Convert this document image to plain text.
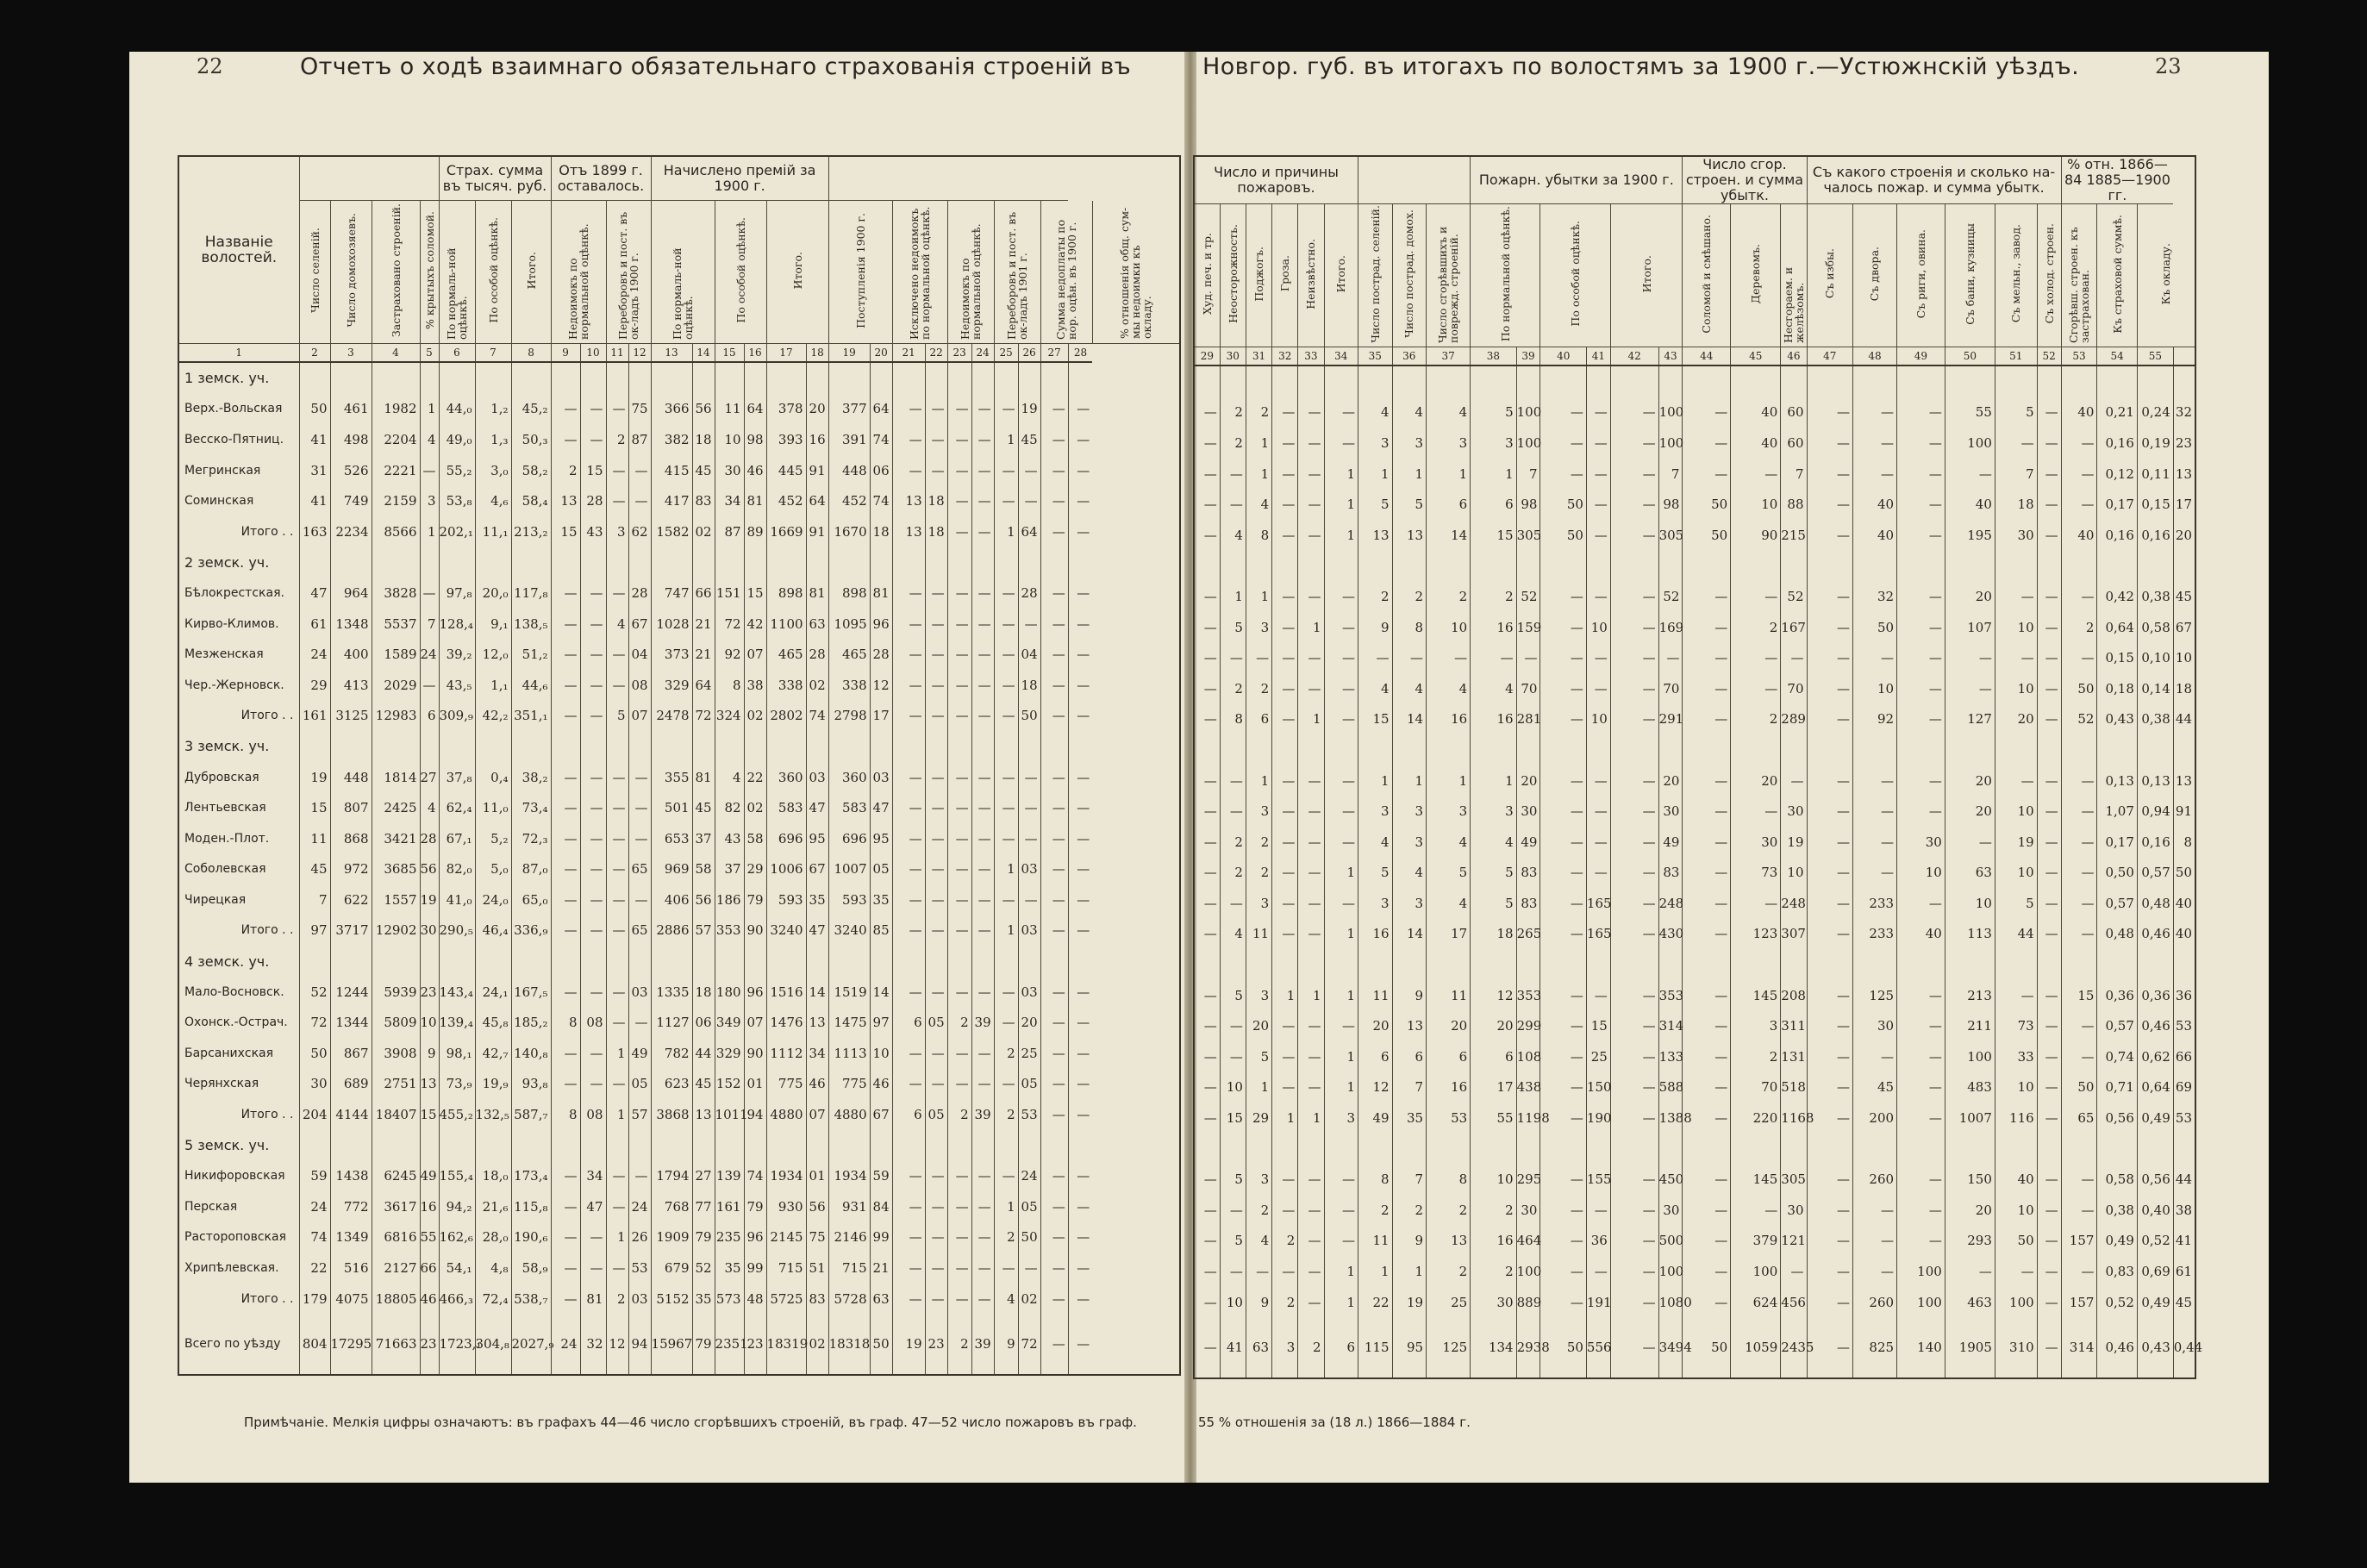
22	Отчетъ о ходѣ взаимнаго обязательнаго страхованія строеній въ	Новгор. губ. въ итогахъ по волостямъ за 1900 г.—Устюжнскій уѣздъ.	23
Названіе волостей.					Страх. сумма въ тысяч. руб.			Отъ 1899 г. оставалось.				Начислено премій за 1900 г.																
	Число селеній.	Число домохозяевъ.	Застраховано строеній.	% крытыхъ соломой.	По нормаль-ной оцѣнкѣ.	По особой оцѣнкѣ.	Итого.	Недоимокъ по нормальной оцѣнкѣ.		Переборовъ и пост. въ ок-ладъ 1900 г.		По нормаль-ной оцѣнкѣ.		По особой оцѣнкѣ.		Итого.		Поступленія 1900 г.		Исключено недоимокъ по нормальной оцѣнкѣ.		Недоимокъ по нормальной оцѣнкѣ.		Переборовъ и пост. въ ок-ладъ 1901 г.		Сумма недоплаты по нор. оцѣн. въ 1900 г.		% отношенія общ. сум-мы недоимки къ окладу.
1	2	3	4	5	6	7	8	9	10	11	12	13	14	15	16	17	18	19	20	21	22	23	24	25	26	27	28	
1 земск. уч.																												
Верх.-Вольская	50	461	1982	1	44,₀	1,₂	45,₂	—	—	—	75	366	56	11	64	378	20	377	64	—	—	—	—	—	19	—	—	
Весско-Пятниц.	41	498	2204	4	49,₀	1,₃	50,₃	—	—	2	87	382	18	10	98	393	16	391	74	—	—	—	—	1	45	—	—	
Мегринская	31	526	2221	—	55,₂	3,₀	58,₂	2	15	—	—	415	45	30	46	445	91	448	06	—	—	—	—	—	—	—	—	
Соминская	41	749	2159	3	53,₈	4,₆	58,₄	13	28	—	—	417	83	34	81	452	64	452	74	13	18	—	—	—	—	—	—	
Итого . .	163	2234	8566	1	202,₁	11,₁	213,₂	15	43	3	62	1582	02	87	89	1669	91	1670	18	13	18	—	—	1	64	—	—	
2 земск. уч.																												
Бѣлокрестская.	47	964	3828	—	97,₈	20,₀	117,₈	—	—	—	28	747	66	151	15	898	81	898	81	—	—	—	—	—	28	—	—	
Кирво-Климов.	61	1348	5537	7	128,₄	9,₁	138,₅	—	—	4	67	1028	21	72	42	1100	63	1095	96	—	—	—	—	—	—	—	—	
Мезженская	24	400	1589	24	39,₂	12,₀	51,₂	—	—	—	04	373	21	92	07	465	28	465	28	—	—	—	—	—	04	—	—	
Чер.-Жерновск.	29	413	2029	—	43,₅	1,₁	44,₆	—	—	—	08	329	64	8	38	338	02	338	12	—	—	—	—	—	18	—	—	
Итого . .	161	3125	12983	6	309,₉	42,₂	351,₁	—	—	5	07	2478	72	324	02	2802	74	2798	17	—	—	—	—	—	50	—	—	
3 земск. уч.																												
Дубровская	19	448	1814	27	37,₈	0,₄	38,₂	—	—	—	—	355	81	4	22	360	03	360	03	—	—	—	—	—	—	—	—	
Лентьевская	15	807	2425	4	62,₄	11,₀	73,₄	—	—	—	—	501	45	82	02	583	47	583	47	—	—	—	—	—	—	—	—	
Моден.-Плот.	11	868	3421	28	67,₁	5,₂	72,₃	—	—	—	—	653	37	43	58	696	95	696	95	—	—	—	—	—	—	—	—	
Соболевская	45	972	3685	56	82,₀	5,₀	87,₀	—	—	—	65	969	58	37	29	1006	67	1007	05	—	—	—	—	1	03	—	—	
Чирецкая	7	622	1557	19	41,₀	24,₀	65,₀	—	—	—	—	406	56	186	79	593	35	593	35	—	—	—	—	—	—	—	—	
Итого . .	97	3717	12902	30	290,₅	46,₄	336,₉	—	—	—	65	2886	57	353	90	3240	47	3240	85	—	—	—	—	1	03	—	—	
4 земск. уч.																												
Мало-Восновск.	52	1244	5939	23	143,₄	24,₁	167,₅	—	—	—	03	1335	18	180	96	1516	14	1519	14	—	—	—	—	—	03	—	—	
Охонск.-Острач.	72	1344	5809	10	139,₄	45,₈	185,₂	8	08	—	—	1127	06	349	07	1476	13	1475	97	6	05	2	39	—	20	—	—	
Барсанихская	50	867	3908	9	98,₁	42,₇	140,₈	—	—	1	49	782	44	329	90	1112	34	1113	10	—	—	—	—	2	25	—	—	
Черянхская	30	689	2751	13	73,₉	19,₉	93,₈	—	—	—	05	623	45	152	01	775	46	775	46	—	—	—	—	—	05	—	—	
Итого . .	204	4144	18407	15	455,₂	132,₅	587,₇	8	08	1	57	3868	13	1011	94	4880	07	4880	67	6	05	2	39	2	53	—	—	
5 земск. уч.																												
Никифоровская	59	1438	6245	49	155,₄	18,₀	173,₄	—	34	—	—	1794	27	139	74	1934	01	1934	59	—	—	—	—	—	24	—	—	
Перская	24	772	3617	16	94,₂	21,₆	115,₈	—	47	—	24	768	77	161	79	930	56	931	84	—	—	—	—	1	05	—	—	
Растороповская	74	1349	6816	55	162,₆	28,₀	190,₆	—	—	1	26	1909	79	235	96	2145	75	2146	99	—	—	—	—	2	50	—	—	
Хрипѣлевская.	22	516	2127	66	54,₁	4,₈	58,₉	—	—	—	53	679	52	35	99	715	51	715	21	—	—	—	—	—	—	—	—	
Итого . .	179	4075	18805	46	466,₃	72,₄	538,₇	—	81	2	03	5152	35	573	48	5725	83	5728	63	—	—	—	—	4	02	—	—	
Всего по уѣзду	804	17295	71663	23	1723,₁	304,₈	2027,₉	24	32	12	94	15967	79	2351	23	18319	02	18318	50	19	23	2	39	9	72	—	—	
Число и причины пожаровъ.									Пожарн. убытки за 1900 г.						Число сгор. строен. и сумма убытк.			Съ какого строенія и сколько на-чалось пожар. и сумма убытк.						% отн. 1866—84 1885—1900 гг.			
Худ. печ. и тр.	Неосторожность.	Поджогъ.	Гроза.	Неизвѣстно.	Итого.	Число пострад. селеній.	Число пострад. домох.	Число сгорѣвшихъ и поврежд. строеній.	По нормальной оцѣнкѣ.		По особой оцѣнкѣ.		Итого.		Соломой и смѣшано.	Деревомъ.	Несгораем. и желѣзомъ.	Съ избы.	Съ двора.	Съ риги, овина.	Съ бани, кузницы	Съ мельн., завод.	Съ холод. строен.	Сгорѣвш. строен. къ застрахован.	Къ страховой суммѣ.	Къ окладу.	
29	30	31	32	33	34	35	36	37	38	39	40	41	42	43	44	45	46	47	48	49	50	51	52	53	54	55	

—	2	2	—	—	—	4	4	4	5	100	—	—	—	100	—	40	60	—	—	—	55	5	—	40	0,21	0,24	32
—	2	1	—	—	—	3	3	3	3	100	—	—	—	100	—	40	60	—	—	—	100	—	—	—	0,16	0,19	23
—	—	1	—	—	1	1	1	1	1	7	—	—	—	7	—	—	7	—	—	—	—	7	—	—	0,12	0,11	13
—	—	4	—	—	1	5	5	6	6	98	50	—	—	98	50	10	88	—	40	—	40	18	—	—	0,17	0,15	17
—	4	8	—	—	1	13	13	14	15	305	50	—	—	305	50	90	215	—	40	—	195	30	—	40	0,16	0,16	20

—	1	1	—	—	—	2	2	2	2	52	—	—	—	52	—	—	52	—	32	—	20	—	—	—	0,42	0,38	45
—	5	3	—	1	—	9	8	10	16	159	—	10	—	169	—	2	167	—	50	—	107	10	—	2	0,64	0,58	67
—	—	—	—	—	—	—	—	—	—	—	—	—	—	—	—	—	—	—	—	—	—	—	—	—	0,15	0,10	10
—	2	2	—	—	—	4	4	4	4	70	—	—	—	70	—	—	70	—	10	—	—	10	—	50	0,18	0,14	18
—	8	6	—	1	—	15	14	16	16	281	—	10	—	291	—	2	289	—	92	—	127	20	—	52	0,43	0,38	44

—	—	1	—	—	—	1	1	1	1	20	—	—	—	20	—	20	—	—	—	—	20	—	—	—	0,13	0,13	13
—	—	3	—	—	—	3	3	3	3	30	—	—	—	30	—	—	30	—	—	—	20	10	—	—	1,07	0,94	91
—	2	2	—	—	—	4	3	4	4	49	—	—	—	49	—	30	19	—	—	30	—	19	—	—	0,17	0,16	8
—	2	2	—	—	1	5	4	5	5	83	—	—	—	83	—	73	10	—	—	10	63	10	—	—	0,50	0,57	50
—	—	3	—	—	—	3	3	4	5	83	—	165	—	248	—	—	248	—	233	—	10	5	—	—	0,57	0,48	40
—	4	11	—	—	1	16	14	17	18	265	—	165	—	430	—	123	307	—	233	40	113	44	—	—	0,48	0,46	40

—	5	3	1	1	1	11	9	11	12	353	—	—	—	353	—	145	208	—	125	—	213	—	—	15	0,36	0,36	36
—	—	20	—	—	—	20	13	20	20	299	—	15	—	314	—	3	311	—	30	—	211	73	—	—	0,57	0,46	53
—	—	5	—	—	1	6	6	6	6	108	—	25	—	133	—	2	131	—	—	—	100	33	—	—	0,74	0,62	66
—	10	1	—	—	1	12	7	16	17	438	—	150	—	588	—	70	518	—	45	—	483	10	—	50	0,71	0,64	69
—	15	29	1	1	3	49	35	53	55	1198	—	190	—	1388	—	220	1168	—	200	—	1007	116	—	65	0,56	0,49	53

—	5	3	—	—	—	8	7	8	10	295	—	155	—	450	—	145	305	—	260	—	150	40	—	—	0,58	0,56	44
—	—	2	—	—	—	2	2	2	2	30	—	—	—	30	—	—	30	—	—	—	20	10	—	—	0,38	0,40	38
—	5	4	2	—	—	11	9	13	16	464	—	36	—	500	—	379	121	—	—	—	293	50	—	157	0,49	0,52	41
—	—	—	—	—	1	1	1	2	2	100	—	—	—	100	—	100	—	—	—	100	—	—	—	—	0,83	0,69	61
—	10	9	2	—	1	22	19	25	30	889	—	191	—	1080	—	624	456	—	260	100	463	100	—	157	0,52	0,49	45
—	41	63	3	2	6	115	95	125	134	2938	50	556	—	3494	50	1059	2435	—	825	140	1905	310	—	314	0,46	0,43	0,44
Примѣчаніе. Мелкія цифры означаютъ: въ графахъ 44—46 число сгорѣвшихъ строеній, въ граф. 47—52 число пожаровъ въ граф.	55 % отношенія за (18 л.) 1866—1884 г.
